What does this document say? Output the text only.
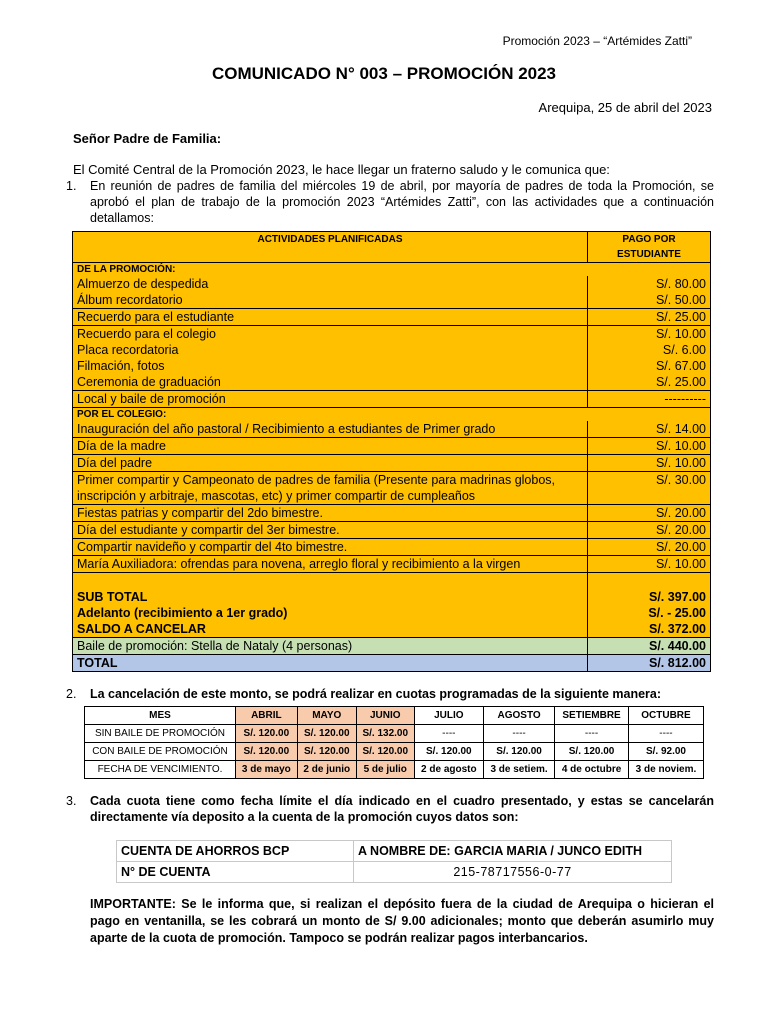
Promoción 2023 – “Artémides Zatti”
COMUNICADO N° 003 – PROMOCIÓN 2023
Arequipa, 25 de abril del 2023
Señor Padre de Familia:
El Comité Central de la Promoción 2023, le hace llegar un fraterno saludo y le comunica que:
1.	En reunión de padres de familia del miércoles 19 de abril, por mayoría de padres de toda la Promoción, se aprobó el plan de trabajo de la promoción 2023 “Artémides Zatti”, con las actividades que a continuación detallamos:
ACTIVIDADES PLANIFICADAS	PAGO POR ESTUDIANTE
DE LA PROMOCIÓN:	
Almuerzo de despedida	S/. 80.00
Álbum recordatorio	S/. 50.00
Recuerdo para el estudiante	S/. 25.00
Recuerdo para el colegio	S/. 10.00
Placa recordatoria	S/. 6.00
Filmación, fotos	S/. 67.00
Ceremonia de graduación	S/. 25.00
Local y baile de promoción	----------
POR EL COLEGIO:	
Inauguración del año pastoral / Recibimiento a estudiantes de Primer grado	S/. 14.00
Día de la madre	S/. 10.00
Día del padre	S/. 10.00
Primer compartir y Campeonato de padres de familia (Presente para madrinas globos, inscripción y arbitraje, mascotas, etc) y primer compartir de cumpleaños	S/. 30.00
Fiestas patrias y compartir del 2do bimestre.	S/. 20.00
Día del estudiante y compartir del 3er bimestre.	S/. 20.00
Compartir navideño y compartir del 4to bimestre.	S/. 20.00
María Auxiliadora: ofrendas para novena, arreglo floral y recibimiento a la virgen	S/. 10.00

SUB TOTAL	S/. 397.00
Adelanto (recibimiento a 1er grado)	S/. - 25.00
SALDO A CANCELAR	S/. 372.00
Baile de promoción: Stella de Nataly (4 personas)	S/. 440.00
TOTAL	S/. 812.00
2.	La cancelación de este monto, se podrá realizar en cuotas programadas de la siguiente manera:
MES	ABRIL	MAYO	JUNIO	JULIO	AGOSTO	SETIEMBRE	OCTUBRE
SIN BAILE DE PROMOCIÓN	S/. 120.00	S/. 120.00	S/. 132.00	----	----	----	----
CON BAILE DE PROMOCIÓN	S/. 120.00	S/. 120.00	S/. 120.00	S/. 120.00	S/. 120.00	S/. 120.00	S/. 92.00
FECHA DE VENCIMIENTO.	3 de mayo	2 de junio	5 de julio	2 de agosto	3 de setiem.	4 de octubre	3 de noviem.
3.	Cada cuota tiene como fecha límite el día indicado en el cuadro presentado, y estas se cancelarán directamente vía deposito a la cuenta de la promoción cuyos datos son:
CUENTA DE AHORROS BCP	A NOMBRE DE: GARCIA MARIA / JUNCO EDITH
N° DE CUENTA	215-78717556-0-77
IMPORTANTE: Se le informa que, si realizan el depósito fuera de la ciudad de Arequipa o hicieran el pago en ventanilla, se les cobrará un monto de S/ 9.00 adicionales; monto que deberán asumirlo muy aparte de la cuota de promoción. Tampoco se podrán realizar pagos interbancarios.
